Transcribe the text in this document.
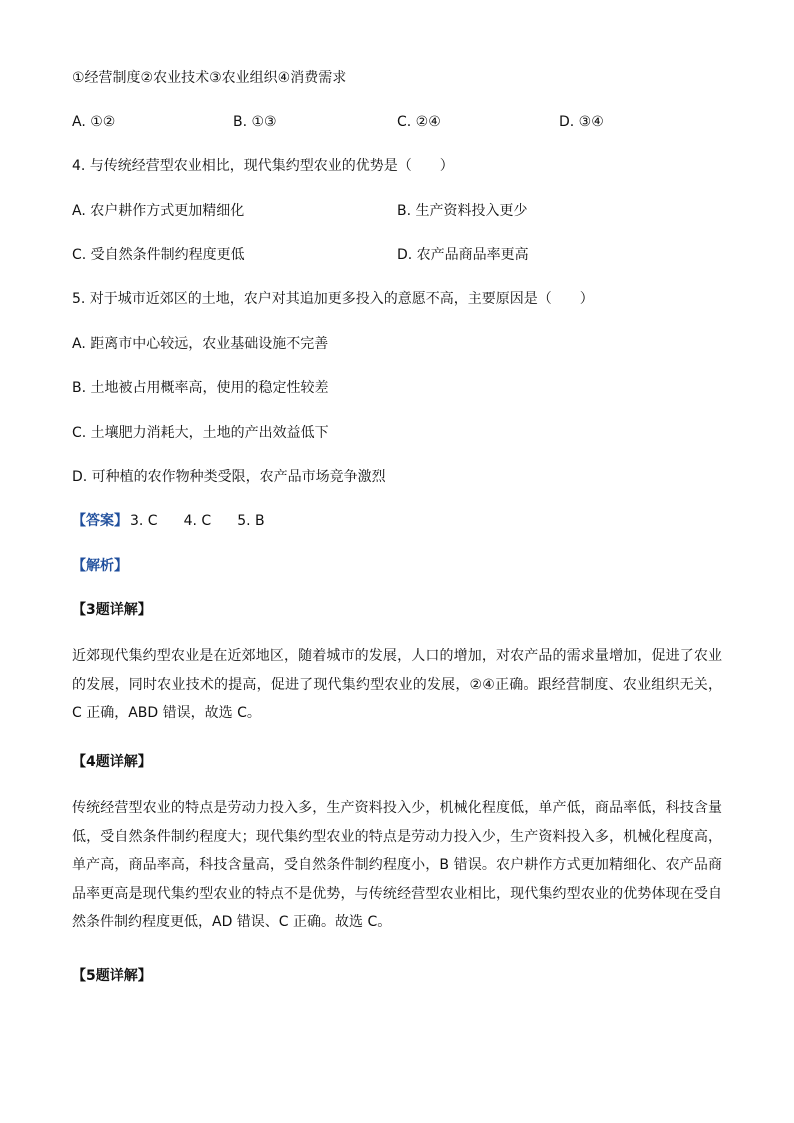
①经营制度②农业技术③农业组织④消费需求
A. ①②	B. ①③	C. ②④	D. ③④
4. 与传统经营型农业相比，现代集约型农业的优势是（　　）
A. 农户耕作方式更加精细化	B. 生产资料投入更少
C. 受自然条件制约程度更低	D. 农产品商品率更高
5. 对于城市近郊区的土地，农户对其追加更多投入的意愿不高，主要原因是（　　）
A. 距离市中心较远，农业基础设施不完善
B. 土地被占用概率高，使用的稳定性较差
C. 土壤肥力消耗大，土地的产出效益低下
D. 可种植的农作物种类受限，农产品市场竞争激烈
【答案】 3. C 4. C 5. B
【解析】
【3题详解】
近郊现代集约型农业是在近郊地区，随着城市的发展，人口的增加，对农产品的需求量增加，促进了农业的发展，同时农业技术的提高，促进了现代集约型农业的发展，②④正确。跟经营制度、农业组织无关，C 正确，ABD 错误，故选 C。
【4题详解】
传统经营型农业的特点是劳动力投入多，生产资料投入少，机械化程度低，单产低，商品率低，科技含量低，受自然条件制约程度大；现代集约型农业的特点是劳动力投入少，生产资料投入多，机械化程度高，单产高，商品率高，科技含量高，受自然条件制约程度小，B 错误。农户耕作方式更加精细化、农产品商品率更高是现代集约型农业的特点不是优势，与传统经营型农业相比，现代集约型农业的优势体现在受自然条件制约程度更低，AD 错误、C 正确。故选 C。
【5题详解】
